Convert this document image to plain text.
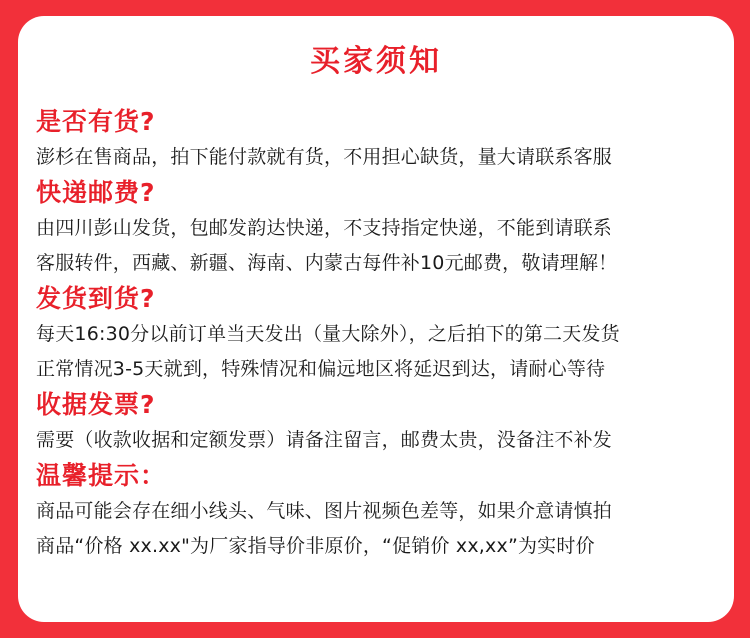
买家须知
是否有货?
澎杉在售商品，拍下能付款就有货，不用担心缺货，量大请联系客服
快递邮费?
由四川彭山发货，包邮发韵达快递，不支持指定快递，不能到请联系
客服转件，西藏、新疆、海南、内蒙古每件补10元邮费，敬请理解！
发货到货?
每天16:30分以前订单当天发出（量大除外），之后拍下的第二天发货
正常情况3-5天就到，特殊情况和偏远地区将延迟到达，请耐心等待
收据发票?
需要（收款收据和定额发票）请备注留言，邮费太贵，没备注不补发
温馨提示：
商品可能会存在细小线头、气味、图片视频色差等，如果介意请慎拍
商品“价格 xx.xx"为厂家指导价非原价，“促销价 xx,xx”为实时价
